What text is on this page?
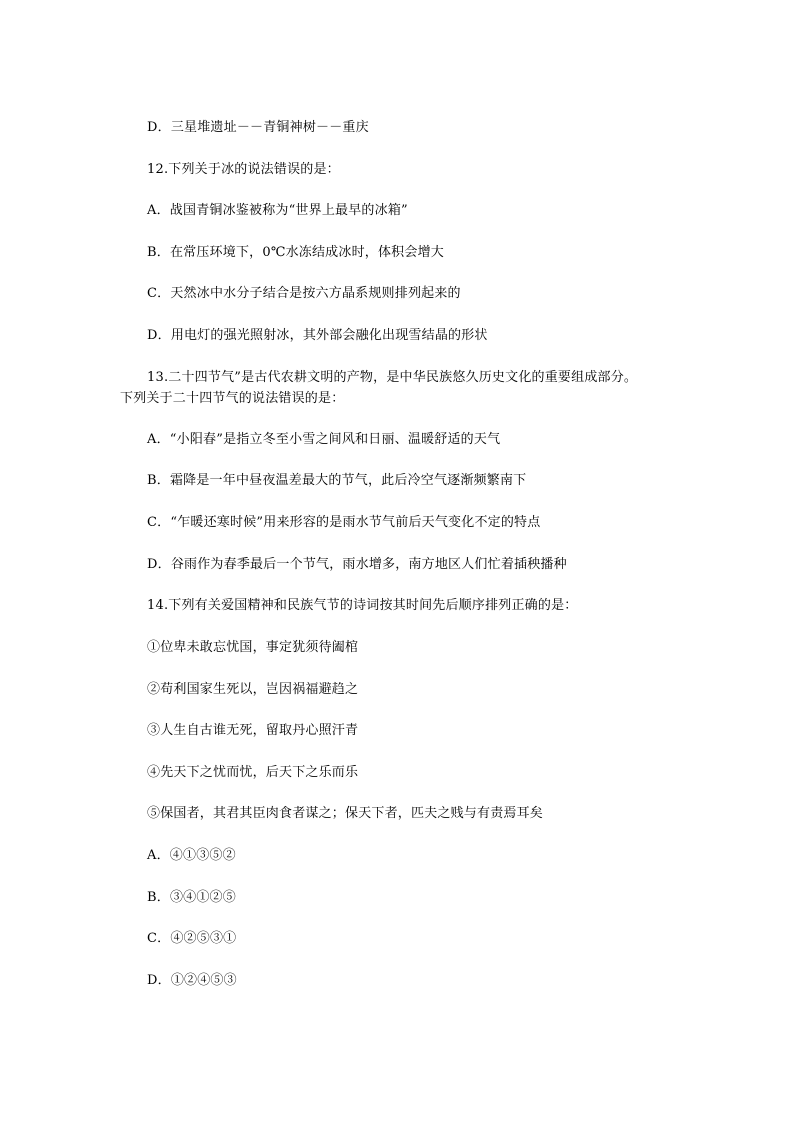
D．三星堆遗址－－青铜神树－－重庆
12.下列关于冰的说法错误的是：
A．战国青铜冰鉴被称为“世界上最早的冰箱”
B．在常压环境下，0℃水冻结成冰时，体积会增大
C．天然冰中水分子结合是按六方晶系规则排列起来的
D．用电灯的强光照射冰，其外部会融化出现雪结晶的形状
13.二十四节气”是古代农耕文明的产物，是中华民族悠久历史文化的重要组成部分。
下列关于二十四节气的说法错误的是：
A．“小阳春”是指立冬至小雪之间风和日丽、温暖舒适的天气
B．霜降是一年中昼夜温差最大的节气，此后冷空气逐渐频繁南下
C．“乍暖还寒时候”用来形容的是雨水节气前后天气变化不定的特点
D．谷雨作为春季最后一个节气，雨水增多，南方地区人们忙着插秧播种
14.下列有关爱国精神和民族气节的诗词按其时间先后顺序排列正确的是：
①位卑未敢忘忧国，事定犹须待阖棺
②苟利国家生死以，岂因祸福避趋之
③人生自古谁无死，留取丹心照汗青
④先天下之忧而忧，后天下之乐而乐
⑤保国者，其君其臣肉食者谋之；保天下者，匹夫之贱与有责焉耳矣
A．④①③⑤②
B．③④①②⑤
C．④②⑤③①
D．①②④⑤③
